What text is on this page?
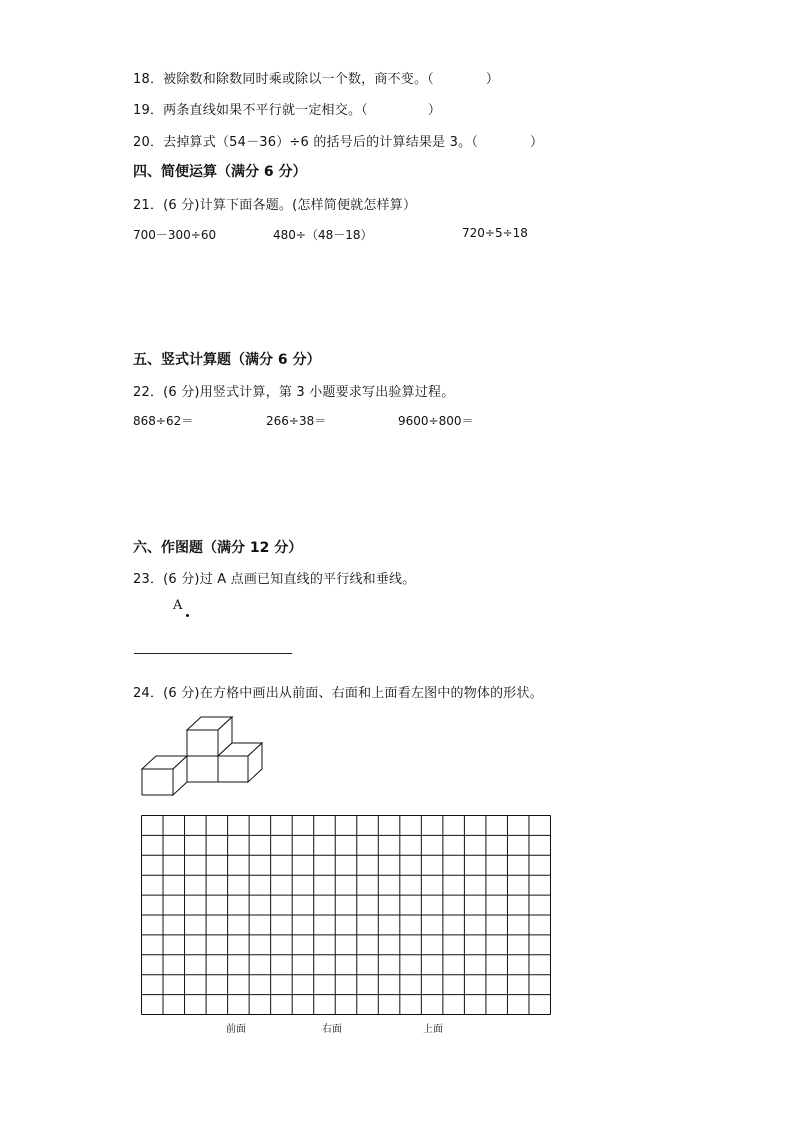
18．被除数和除数同时乘或除以一个数，商不变。（	）
19．两条直线如果不平行就一定相交。（	）
20．去掉算式（54－36）÷6 的括号后的计算结果是 3。（	）
四、简便运算（满分 6 分）
21．(6 分)计算下面各题。(怎样简便就怎样算）
700－300÷60	480÷（48－18）	720÷5÷18
五、竖式计算题（满分 6 分）
22．(6 分)用竖式计算，第 3 小题要求写出验算过程。
868÷62＝	266÷38＝	9600÷800＝
六、作图题（满分 12 分）
23．(6 分)过 A 点画已知直线的平行线和垂线。
A
24．(6 分)在方格中画出从前面、右面和上面看左图中的物体的形状。
前面	右面	上面
